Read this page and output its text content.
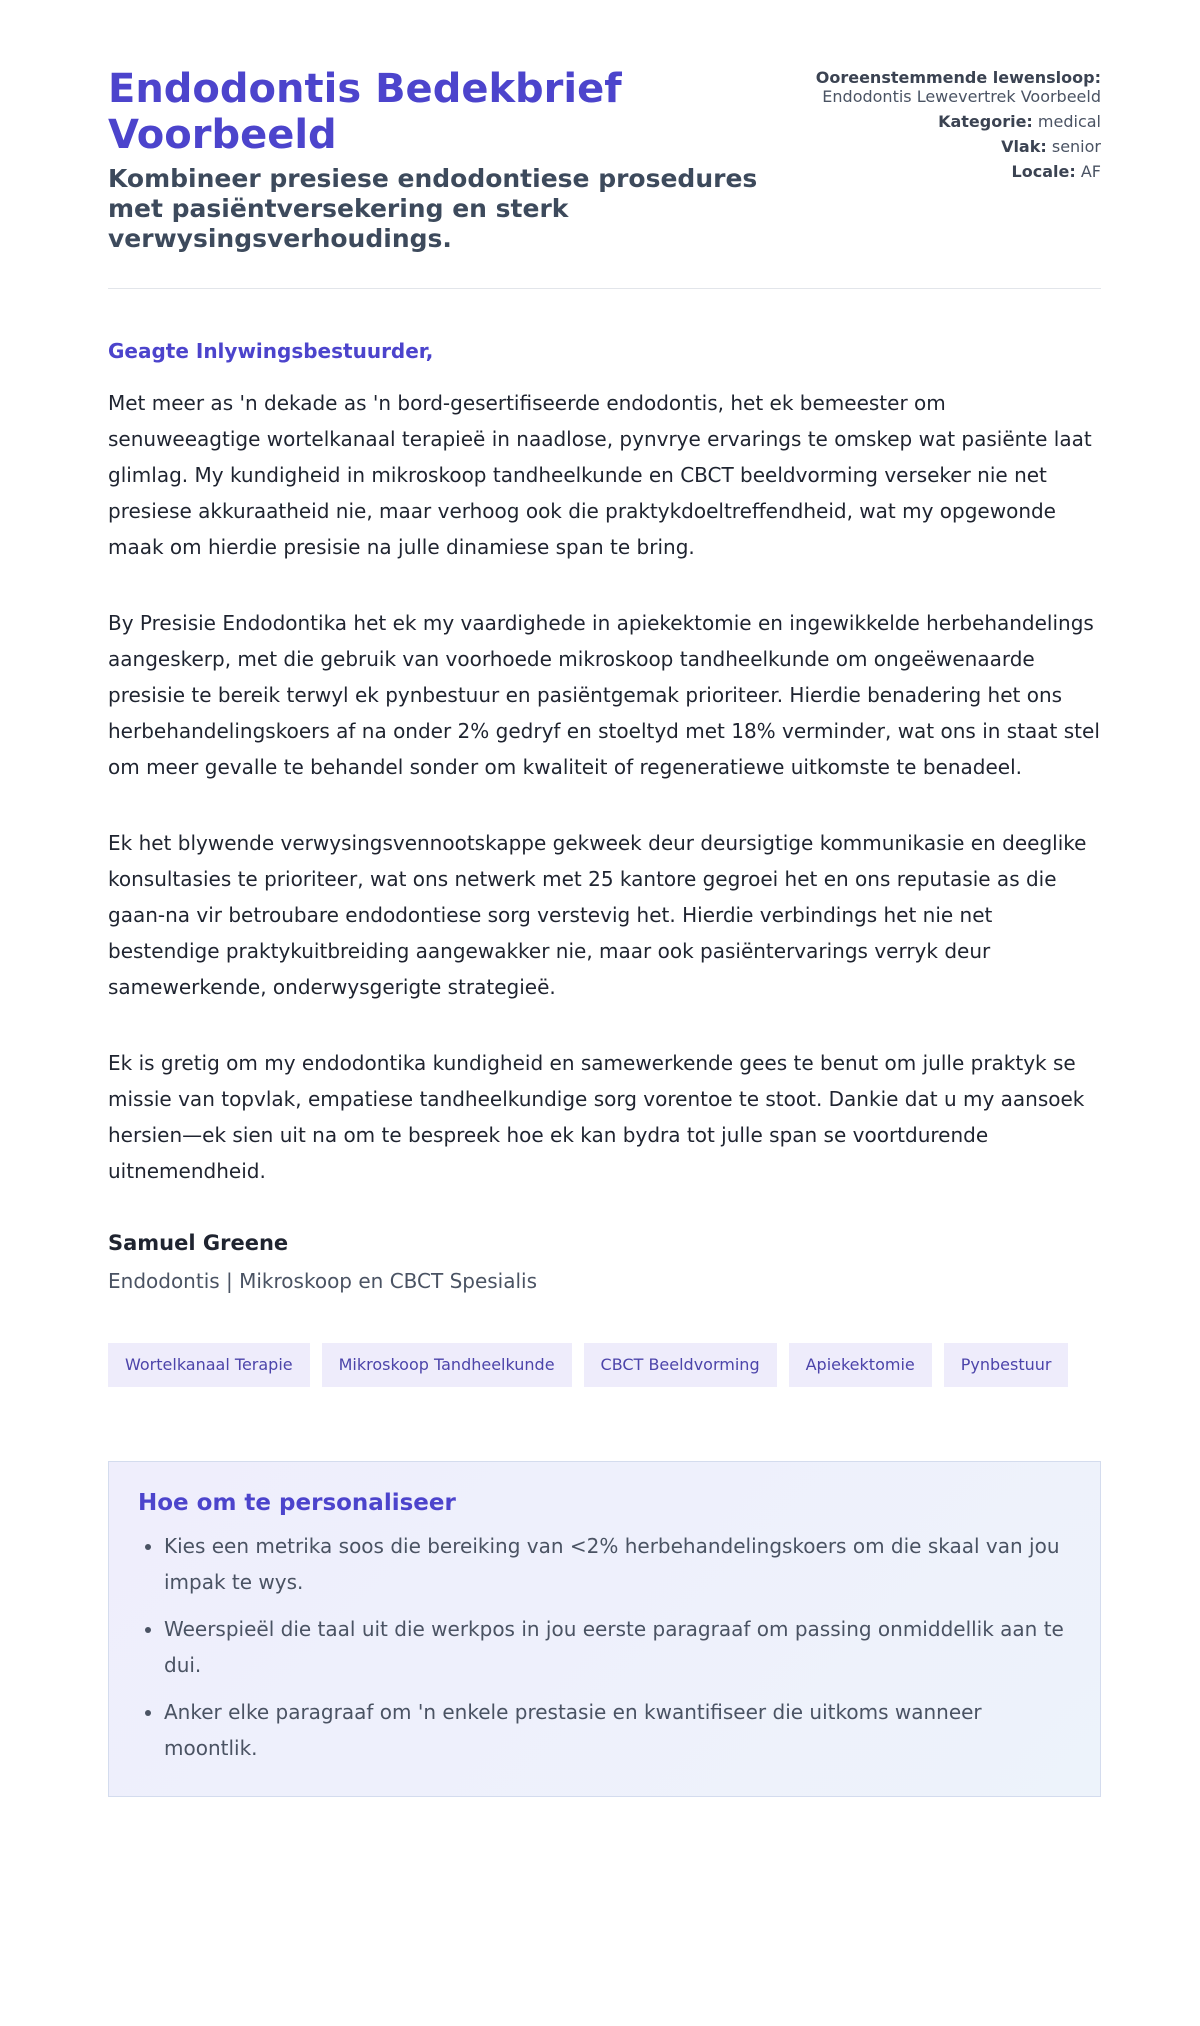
Endodontis Bedekbrief Voorbeeld
Kombineer presiese endodontiese prosedures met pasiëntversekering en sterk verwysingsverhoudings.
Ooreenstemmende lewensloop: Endodontis Lewevertrek Voorbeeld
Kategorie: medical
Vlak: senior
Locale: AF

Geagte Inlywingsbestuurder,

Met meer as 'n dekade as 'n bord-gesertifiseerde endodontis, het ek bemeester om senuweeagtige wortelkanaal terapieë in naadlose, pynvrye ervarings te omskep wat pasiënte laat glimlag. My kundigheid in mikroskoop tandheelkunde en CBCT beeldvorming verseker nie net presiese akkuraatheid nie, maar verhoog ook die praktykdoeltreffendheid, wat my opgewonde maak om hierdie presisie na julle dinamiese span te bring.

By Presisie Endodontika het ek my vaardighede in apiekektomie en ingewikkelde herbehandelings aangeskerp, met die gebruik van voorhoede mikroskoop tandheelkunde om ongeëwenaarde presisie te bereik terwyl ek pynbestuur en pasiëntgemak prioriteer. Hierdie benadering het ons herbehandelingskoers af na onder 2% gedryf en stoeltyd met 18% verminder, wat ons in staat stel om meer gevalle te behandel sonder om kwaliteit of regeneratiewe uitkomste te benadeel.

Ek het blywende verwysingsvennootskappe gekweek deur deursigtige kommunikasie en deeglike konsultasies te prioriteer, wat ons netwerk met 25 kantore gegroei het en ons reputasie as die gaan-na vir betroubare endodontiese sorg verstevig het. Hierdie verbindings het nie net bestendige praktykuitbreiding aangewakker nie, maar ook pasiëntervarings verryk deur samewerkende, onderwysgerigte strategieë.

Ek is gretig om my endodontika kundigheid en samewerkende gees te benut om julle praktyk se missie van topvlak, empatiese tandheelkundige sorg vorentoe te stoot. Dankie dat u my aansoek hersien—ek sien uit na om te bespreek hoe ek kan bydra tot julle span se voortdurende uitnemendheid.

Samuel Greene

Endodontis | Mikroskoop en CBCT Spesialis
Wortelkanaal Terapie	Mikroskoop Tandheelkunde	CBCT Beeldvorming	Apiekektomie	Pynbestuur
Hoe om te personaliseer
• Kies een metrika soos die bereiking van <2% herbehandelingskoers om die skaal van jou impak te wys.
• Weerspieël die taal uit die werkpos in jou eerste paragraaf om passing onmiddellik aan te dui.
• Anker elke paragraaf om 'n enkele prestasie en kwantifiseer die uitkoms wanneer moontlik.
